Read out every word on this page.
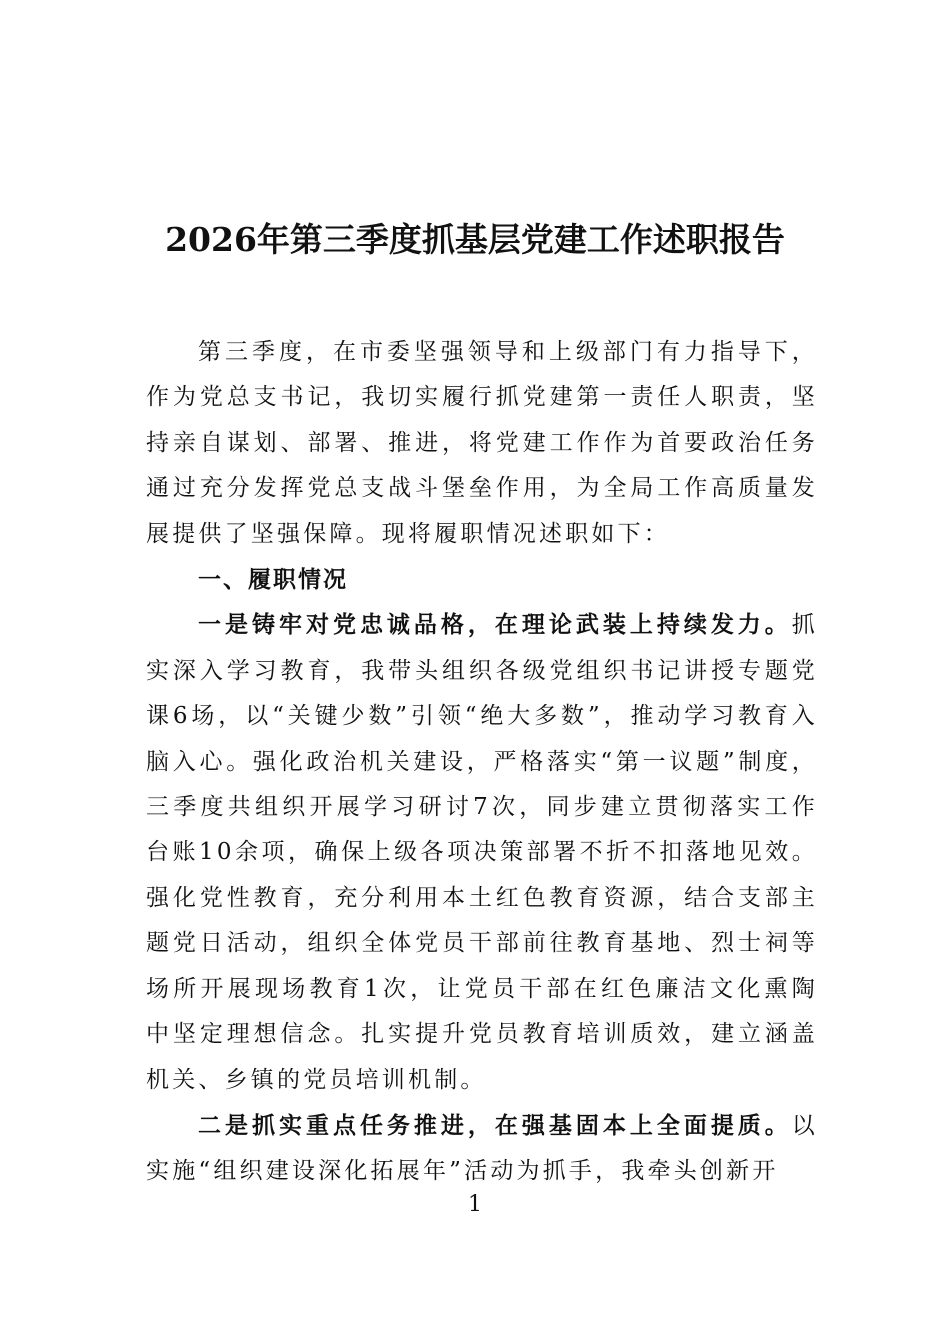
2026年第三季度抓基层党建工作述职报告

第三季度，在市委坚强领导和上级部门有力指导下，作为党总支书记，我切实履行抓党建第一责任人职责，坚持亲自谋划、部署、推进，将党建工作作为首要政治任务通过充分发挥党总支战斗堡垒作用，为全局工作高质量发展提供了坚强保障。现将履职情况述职如下：

一、履职情况

一是铸牢对党忠诚品格，在理论武装上持续发力。抓实深入学习教育，我带头组织各级党组织书记讲授专题党课6场，以“关键少数”引领“绝大多数”，推动学习教育入脑入心。强化政治机关建设，严格落实“第一议题”制度，三季度共组织开展学习研讨7次，同步建立贯彻落实工作台账10余项，确保上级各项决策部署不折不扣落地见效。强化党性教育，充分利用本土红色教育资源，结合支部主题党日活动，组织全体党员干部前往教育基地、烈士祠等场所开展现场教育1次，让党员干部在红色廉洁文化熏陶中坚定理想信念。扎实提升党员教育培训质效，建立涵盖机关、乡镇的党员培训机制。

二是抓实重点任务推进，在强基固本上全面提质。以实施“组织建设深化拓展年”活动为抓手，我牵头创新开

1
